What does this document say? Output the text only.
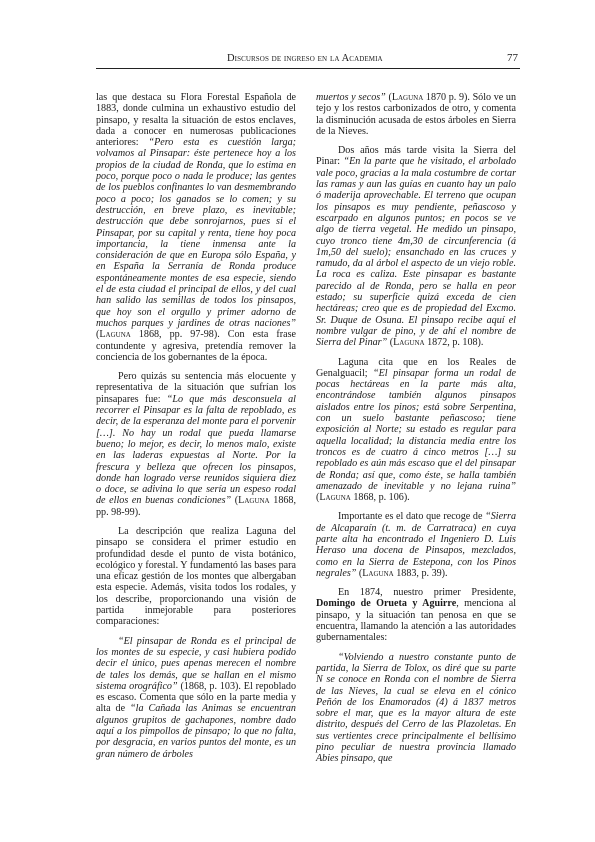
Discursos de ingreso en la Academia	77

las que destaca su Flora Forestal Española de 1883, donde culmina un exhaustivo estudio del pinsapo, y resalta la situación de estos enclaves, dada a conocer en numerosas publicaciones anteriores: “Pero esta es cuestión larga; volvamos al Pinsapar: éste pertenece hoy a los propios de la ciudad de Ronda, que lo estima en poco, porque poco o nada le produce; las gentes de los pueblos confinantes lo van desmembrando poco a poco; los ganados se lo comen; y su destrucción, en breve plazo, es inevitable; destrucción que debe sonrojarnos, pues si el Pinsapar, por su capital y renta, tiene hoy poca importancia, la tiene inmensa ante la consideración de que en Europa sólo España, y en España la Serranía de Ronda produce espontáneamente montes de esa especie, siendo el de esta ciudad el principal de ellos, y del cual han salido las semillas de todos los pinsapos, que hoy son el orgullo y primer adorno de muchos parques y jardines de otras naciones” (Laguna 1868, pp. 97-98). Con esta frase contundente y agresiva, pretendía remover la conciencia de los gobernantes de la época.

Pero quizás su sentencia más elocuente y representativa de la situación que sufrían los pinsapares fue: “Lo que más desconsuela al recorrer el Pinsapar es la falta de repoblado, es decir, de la esperanza del monte para el porvenir […]. No hay un rodal que pueda llamarse bueno; lo mejor, es decir, lo menos malo, existe en las laderas expuestas al Norte. Por la frescura y belleza que ofrecen los pinsapos, donde han logrado verse reunidos siquiera diez o doce, se adivina lo que sería un espeso rodal de ellos en buenas condiciones” (Laguna 1868, pp. 98-99).

La descripción que realiza Laguna del pinsapo se considera el primer estudio en profundidad desde el punto de vista botánico, ecológico y forestal. Y fundamentó las bases para una eficaz gestión de los montes que albergaban esta especie. Además, visita todos los rodales, y los describe, proporcionando una visión de partida inmejorable para posteriores comparaciones:

“El pinsapar de Ronda es el principal de los montes de su especie, y casi hubiera podido decir el único, pues apenas merecen el nombre de tales los demás, que se hallan en el mismo sistema orográfico” (1868, p. 103). El repoblado es escaso. Comenta que sólo en la parte media y alta de “la Cañada las Animas se encuentran algunos grupitos de gachapones, nombre dado aquí a los pimpollos de pinsapo; lo que no falta, por desgracia, en varios puntos del monte, es un gran número de árboles

muertos y secos” (Laguna 1870 p. 9). Sólo ve un tejo y los restos carbonizados de otro, y comenta la disminución acusada de estos árboles en Sierra de la Nieves.

Dos años más tarde visita la Sierra del Pinar: “En la parte que he visitado, el arbolado vale poco, gracias a la mala costumbre de cortar las ramas y aun las guías en cuanto hay un palo ó maderija aprovechable. El terreno que ocupan los pinsapos es muy pendiente, peñascoso y escarpado en algunos puntos; en pocos se ve algo de tierra vegetal. He medido un pinsapo, cuyo tronco tiene 4m,30 de circunferencia (á 1m,50 del suelo); ensanchado en las cruces y ramudo, da al árbol el aspecto de un viejo roble. La roca es caliza. Este pinsapar es bastante parecido al de Ronda, pero se halla en peor estado; su superficie quizá exceda de cien hectáreas; creo que es de propiedad del Excmo. Sr. Duque de Osuna. El pinsapo recibe aquí el nombre vulgar de pino, y de ahí el nombre de Sierra del Pinar” (Laguna 1872, p. 108).

Laguna cita que en los Reales de Genalguacil; “El pinsapar forma un rodal de pocas hectáreas en la parte más alta, encontrándose también algunos pinsapos aislados entre los pinos; está sobre Serpentina, con un suelo bastante peñascoso; tiene exposición al Norte; su estado es regular para aquella localidad; la distancia media entre los troncos es de cuatro á cinco metros […] su repoblado es aún más escaso que el del pinsapar de Ronda; así que, como éste, se halla también amenazado de inevitable y no lejana ruina” (Laguna 1868, p. 106).

Importante es el dato que recoge de “Sierra de Alcaparaín (t. m. de Carratraca) en cuya parte alta ha encontrado el Ingeniero D. Luis Heraso una docena de Pinsapos, mezclados, como en la Sierra de Estepona, con los Pinos negrales” (Laguna 1883, p. 39).

En 1874, nuestro primer Presidente, Domingo de Orueta y Aguirre, menciona al pinsapo, y la situación tan penosa en que se encuentra, llamando la atención a las autoridades gubernamentales:

“Volviendo a nuestro constante punto de partida, la Sierra de Tolox, os diré que su parte N se conoce en Ronda con el nombre de Sierra de las Nieves, la cual se eleva en el cónico Peñón de los Enamorados (4) á 1837 metros sobre el mar, que es la mayor altura de este distrito, después del Cerro de las Plazoletas. En sus vertientes crece principalmente el bellísimo pino peculiar de nuestra provincia llamado Abies pinsapo, que
